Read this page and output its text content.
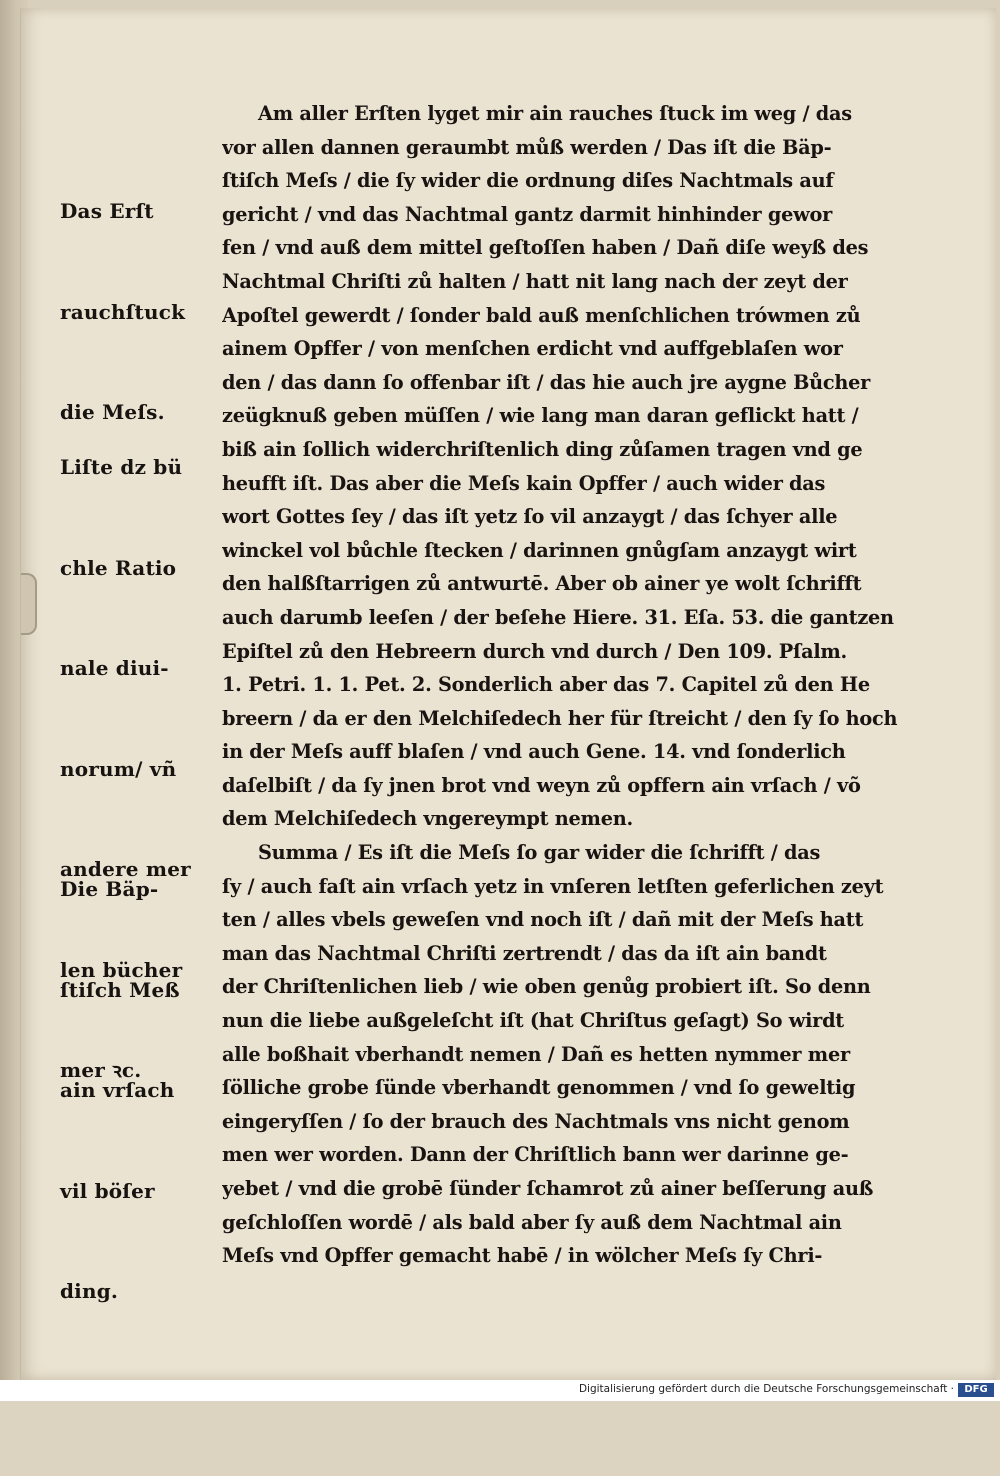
Das Erſt

rauchſtuck

die Meſs.

Liſte dz bü

chle Ratio

nale diui-

norum/ vñ

andere mer

len bücher

mer ꝛc.

Die Bäp-

ſtiſch Meß

ain vrſach

vil böſer

ding.

Am aller Erſten lyget mir ain rauches ſtuck im weg / das
vor allen dannen geraumbt můß werden / Das iſt die Bäp-
ſtiſch Meſs / die ſy wider die ordnung diſes Nachtmals auf
gericht / vnd das Nachtmal gantz darmit hinhinder gewor
fen / vnd auß dem mittel geſtoſſen haben / Dañ diſe weyß des
Nachtmal Chriſti zů halten / hatt nit lang nach der zeyt der
Apoſtel gewerdt / ſonder bald auß menſchlichen trówmen zů
ainem Opffer / von menſchen erdicht vnd auffgeblaſen wor
den / das dann ſo offenbar iſt / das hie auch jre aygne Bůcher
zeügknuß geben müſſen / wie lang man daran geflickt hatt /
biß ain ſollich widerchriſtenlich ding zůſamen tragen vnd ge
heufft iſt. Das aber die Meſs kain Opffer / auch wider das
wort Gottes ſey / das iſt yetz ſo vil anzaygt / das ſchyer alle
winckel vol bůchle ſtecken / darinnen gnůgſam anzaygt wirt
den halßſtarrigen zů antwurtē. Aber ob ainer ye wolt ſchrifft
auch darumb leeſen / der beſehe Hiere. 31. Eſa. 53. die gantzen
Epiſtel zů den Hebreern durch vnd durch / Den 109. Pſalm.
1. Petri. 1. 1. Pet. 2. Sonderlich aber das 7. Capitel zů den He
breern / da er den Melchiſedech her für ſtreicht / den ſy ſo hoch
in der Meſs auff blaſen / vnd auch Gene. 14. vnd ſonderlich
daſelbiſt / da ſy jnen brot vnd weyn zů opffern ain vrſach / võ
dem Melchiſedech vngereympt nemen.
Summa / Es iſt die Meſs ſo gar wider die ſchrifft / das
ſy / auch faſt ain vrſach yetz in vnſeren letſten geferlichen zeyt
ten / alles vbels geweſen vnd noch iſt / dañ mit der Meſs hatt
man das Nachtmal Chriſti zertrendt / das da iſt ain bandt
der Chriſtenlichen lieb / wie oben genůg probiert iſt. So denn
nun die liebe außgeleſcht iſt (hat Chriſtus geſagt) So wirdt
alle boßhait vberhandt nemen / Dañ es hetten nymmer mer
ſölliche grobe ſünde vberhandt genommen / vnd ſo geweltig
eingeryſſen / ſo der brauch des Nachtmals vns nicht genom
men wer worden. Dann der Chriſtlich bann wer darinne ge-
yebet / vnd die grobē ſünder ſchamrot zů ainer beſſerung auß
geſchloſſen wordē / als bald aber ſy auß dem Nachtmal ain
Meſs vnd Opffer gemacht habē / in wölcher Meſs ſy Chri-
Digitalisierung gefördert durch die Deutsche Forschungsgemeinschaft ·	DFG
